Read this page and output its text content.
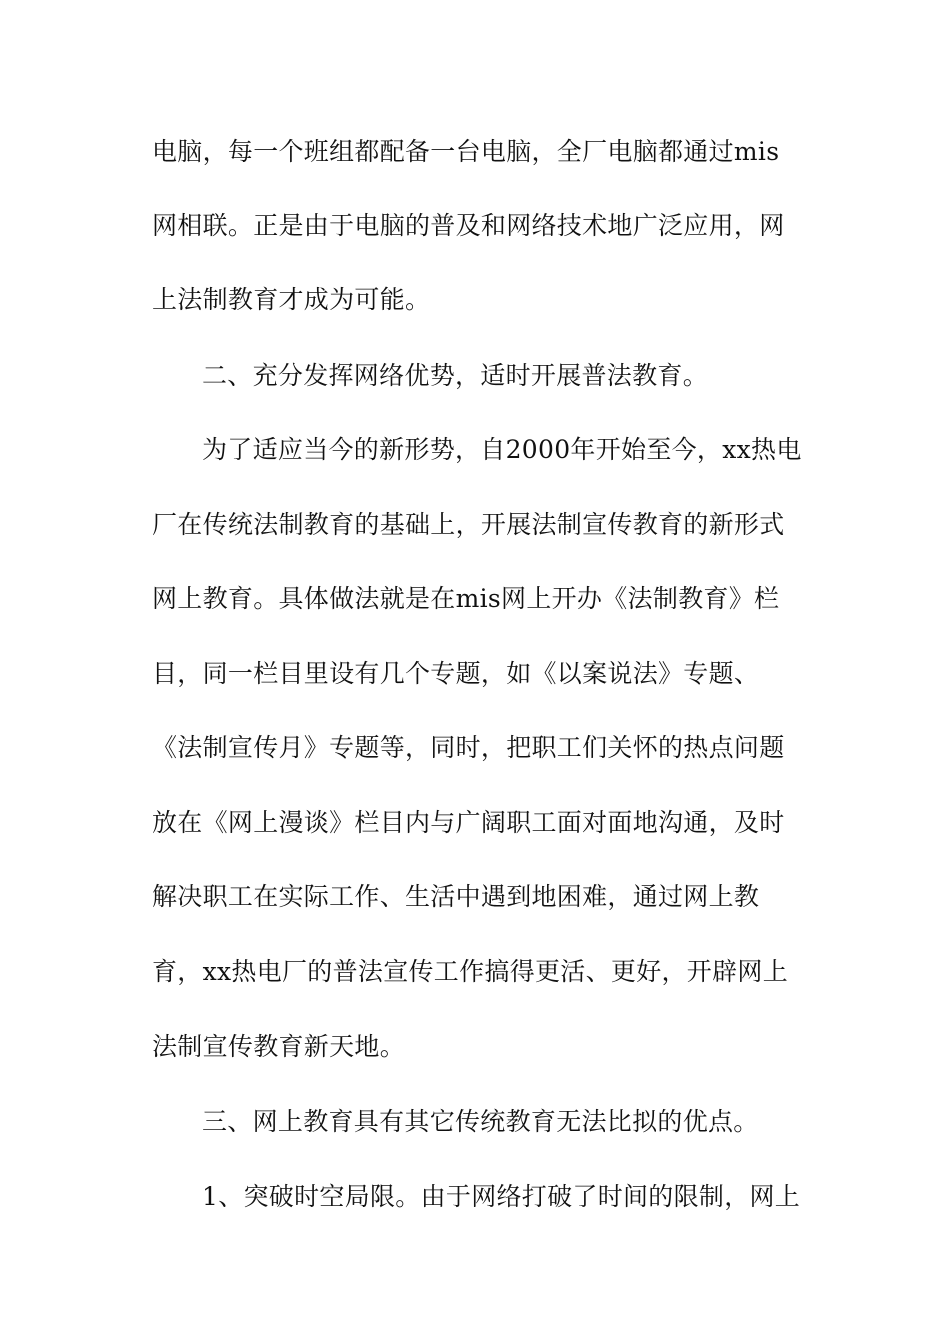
电脑，每一个班组都配备一台电脑，全厂电脑都通过mis
网相联。正是由于电脑的普及和网络技术地广泛应用，网
上法制教育才成为可能。
二、充分发挥网络优势，适时开展普法教育。
为了适应当今的新形势，自2000年开始至今，xx热电
厂在传统法制教育的基础上，开展法制宣传教育的新形式
网上教育。具体做法就是在mis网上开办《法制教育》栏
目，同一栏目里设有几个专题，如《以案说法》专题、
《法制宣传月》专题等，同时，把职工们关怀的热点问题
放在《网上漫谈》栏目内与广阔职工面对面地沟通，及时
解决职工在实际工作、生活中遇到地困难，通过网上教
育，xx热电厂的普法宣传工作搞得更活、更好，开辟网上
法制宣传教育新天地。
三、网上教育具有其它传统教育无法比拟的优点。
1、突破时空局限。由于网络打破了时间的限制，网上
